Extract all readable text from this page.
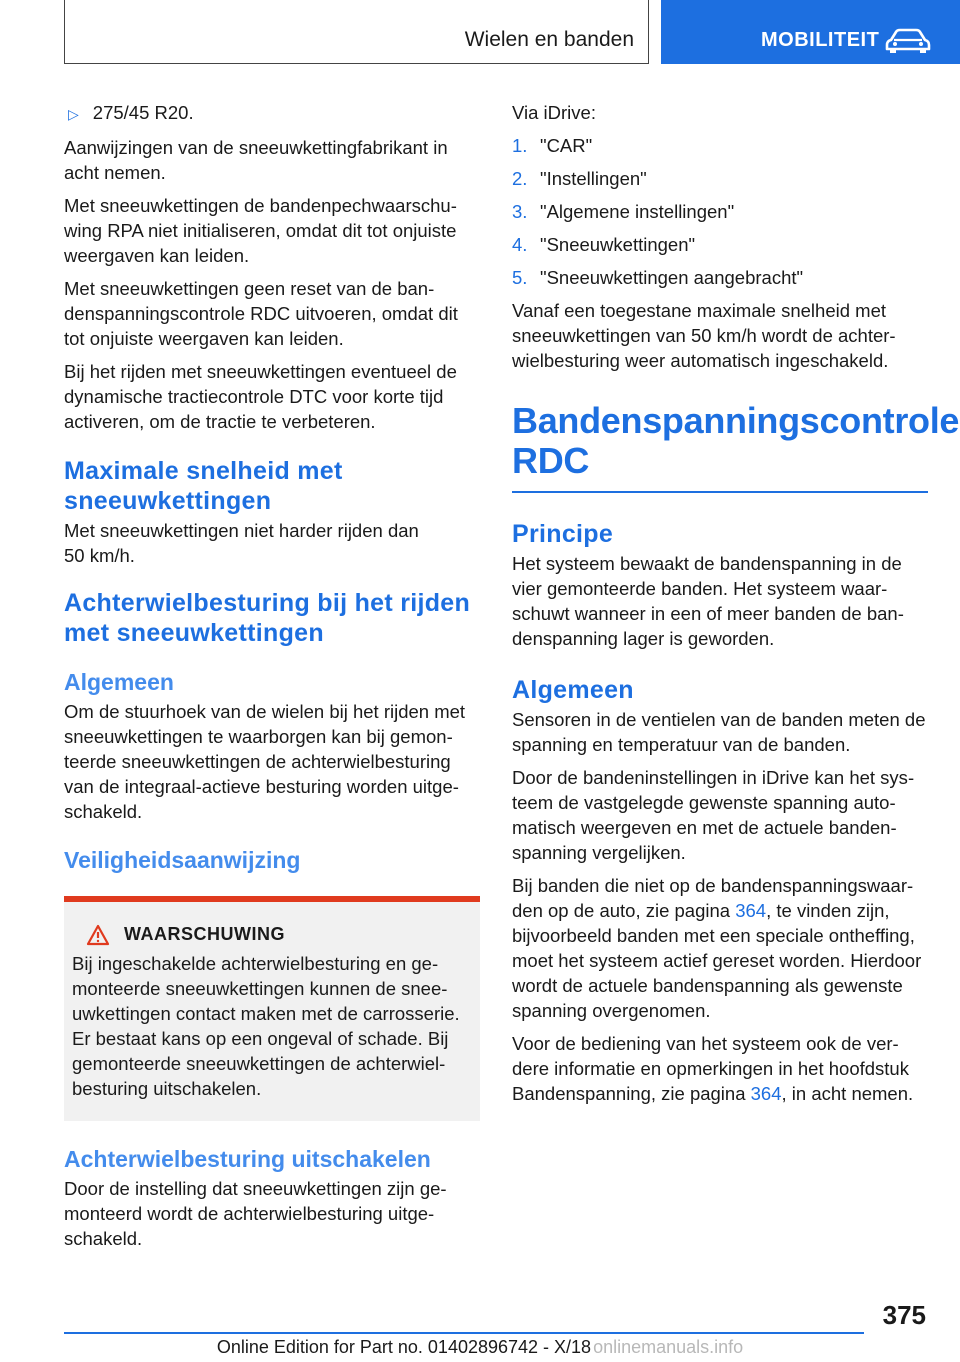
Wielen en banden	MOBILITEIT
▷ 275/45 R20.

Aanwijzingen van de sneeuwkettingfabrikant in acht nemen.

Met sneeuwkettingen de bandenpechwaarschuwing RPA niet initialiseren, omdat dit tot onjuiste weergaven kan leiden.

Met sneeuwkettingen geen reset van de bandenspanningscontrole RDC uitvoeren, omdat dit tot onjuiste weergaven kan leiden.

Bij het rijden met sneeuwkettingen eventueel de dynamische tractiecontrole DTC voor korte tijd activeren, om de tractie te verbeteren.

Maximale snelheid met sneeuwkettingen

Met sneeuwkettingen niet harder rijden dan 50 km/h.

Achterwielbesturing bij het rijden met sneeuwkettingen
Algemeen

Om de stuurhoek van de wielen bij het rijden met sneeuwkettingen te waarborgen kan bij gemonteerde sneeuwkettingen de achterwielbesturing van de integraal-actieve besturing worden uitgeschakeld.

Veiligheidsaanwijzing
WAARSCHUWING
Bij ingeschakelde achterwielbesturing en gemonteerde sneeuwkettingen kunnen de sneeuwkettingen contact maken met de carrosserie. Er bestaat kans op een ongeval of schade. Bij gemonteerde sneeuwkettingen de achterwielbesturing uitschakelen.
Achterwielbesturing uitschakelen

Door de instelling dat sneeuwkettingen zijn gemonteerd wordt de achterwielbesturing uitgeschakeld.

Via iDrive:

1. "CAR"
2. "Instellingen"
3. "Algemene instellingen"
4. "Sneeuwkettingen"
5. "Sneeuwkettingen aangebracht"

Vanaf een toegestane maximale snelheid met sneeuwkettingen van 50 km/h wordt de achterwielbesturing weer automatisch ingeschakeld.

Bandenspanningscontrole RDC
Principe

Het systeem bewaakt de bandenspanning in de vier gemonteerde banden. Het systeem waarschuwt wanneer in een of meer banden de bandenspanning lager is geworden.

Algemeen

Sensoren in de ventielen van de banden meten de spanning en temperatuur van de banden.

Door de bandeninstellingen in iDrive kan het systeem de vastgelegde gewenste spanning automatisch weergeven en met de actuele bandenspanning vergelijken.

Bij banden die niet op de bandenspanningswaarden op de auto, zie pagina 364, te vinden zijn, bijvoorbeeld banden met een speciale ontheffing, moet het systeem actief gereset worden. Hierdoor wordt de actuele bandenspanning als gewenste spanning overgenomen.

Voor de bediening van het systeem ook de verdere informatie en opmerkingen in het hoofdstuk Bandenspanning, zie pagina 364, in acht nemen.

375
Online Edition for Part no. 01402896742 - X/18 onlinemanuals.info
